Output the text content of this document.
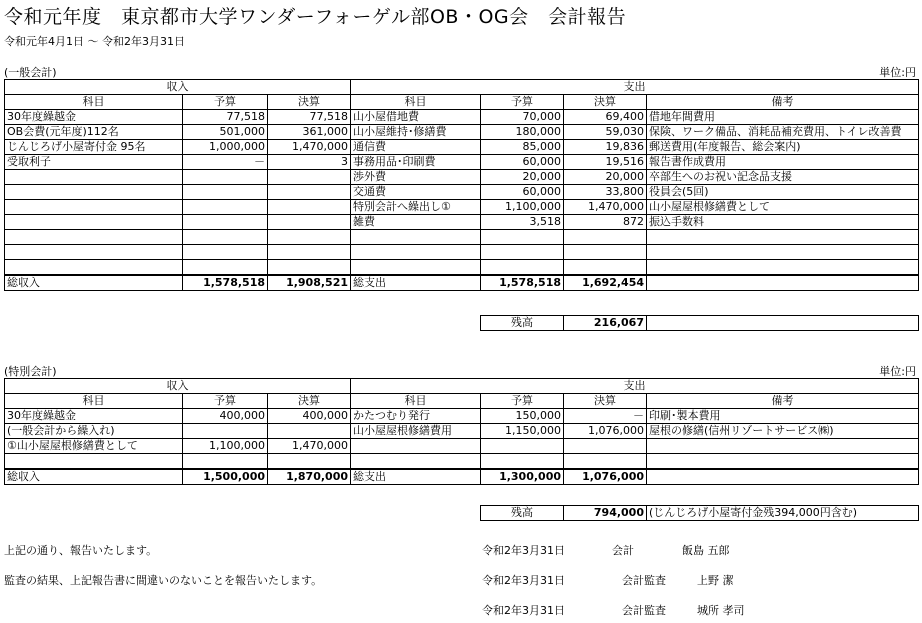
令和元年度　東京都市大学ワンダーフォーゲル部OB・OG会　会計報告
令和元年4月1日 ～ 令和2年3月31日
(一般会計)	単位:円
収入			支出			
科目	予算	決算	科目	予算	決算	備考
30年度繰越金	77,518	77,518	山小屋借地費	70,000	69,400	借地年間費用
OB会費(元年度)112名	501,000	361,000	山小屋維持･修繕費	180,000	59,030	保険、ワーク備品、消耗品補充費用、トイレ改善費
じんじろげ小屋寄付金 95名	1,000,000	1,470,000	通信費	85,000	19,836	郵送費用(年度報告、総会案内)
受取利子	－	3	事務用品･印刷費	60,000	19,516	報告書作成費用
			渉外費	20,000	20,000	卒部生へのお祝い記念品支援
			交通費	60,000	33,800	役員会(5回)
			特別会計へ繰出し①	1,100,000	1,470,000	山小屋屋根修繕費として
			雑費	3,518	872	振込手数料

総収入	1,578,518	1,908,521	総支出	1,578,518	1,692,454	
残高	216,067	
(特別会計)	単位:円
収入			支出			
科目	予算	決算	科目	予算	決算	備考
30年度繰越金	400,000	400,000	かたつむり発行	150,000	－	印刷･製本費用
(一般会計から繰入れ)			山小屋屋根修繕費用	1,150,000	1,076,000	屋根の修繕(信州リゾートサービス㈱)
①山小屋屋根修繕費として	1,100,000	1,470,000				

総収入	1,500,000	1,870,000	総支出	1,300,000	1,076,000	
残高	794,000	(じんじろげ小屋寄付金残394,000円含む)
上記の通り、報告いたします。
監査の結果、上記報告書に間違いのないことを報告いたします。
令和2年3月31日	会計	飯島 五郎
令和2年3月31日	会計監査	上野 潔
令和2年3月31日	会計監査	城所 孝司
